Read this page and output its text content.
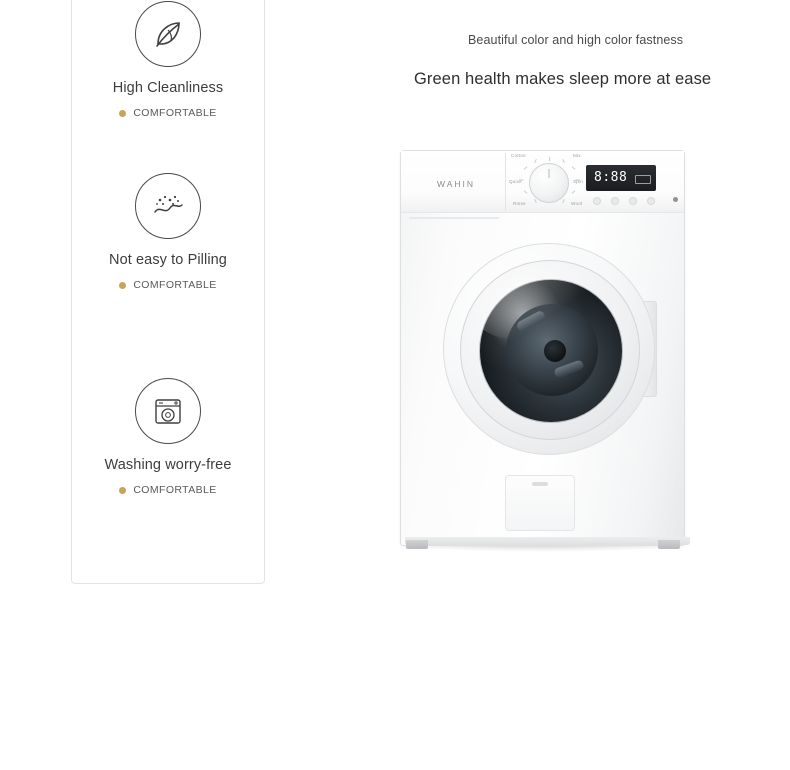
High Cleanliness
COMFORTABLE
Not easy to Pilling
COMFORTABLE
Washing worry-free
COMFORTABLE
Beautiful color and high color fastness
Green health makes sleep more at ease
WAHIN
Cotton	Mix
Quick	Spin
Rinse	Wool
8:88
